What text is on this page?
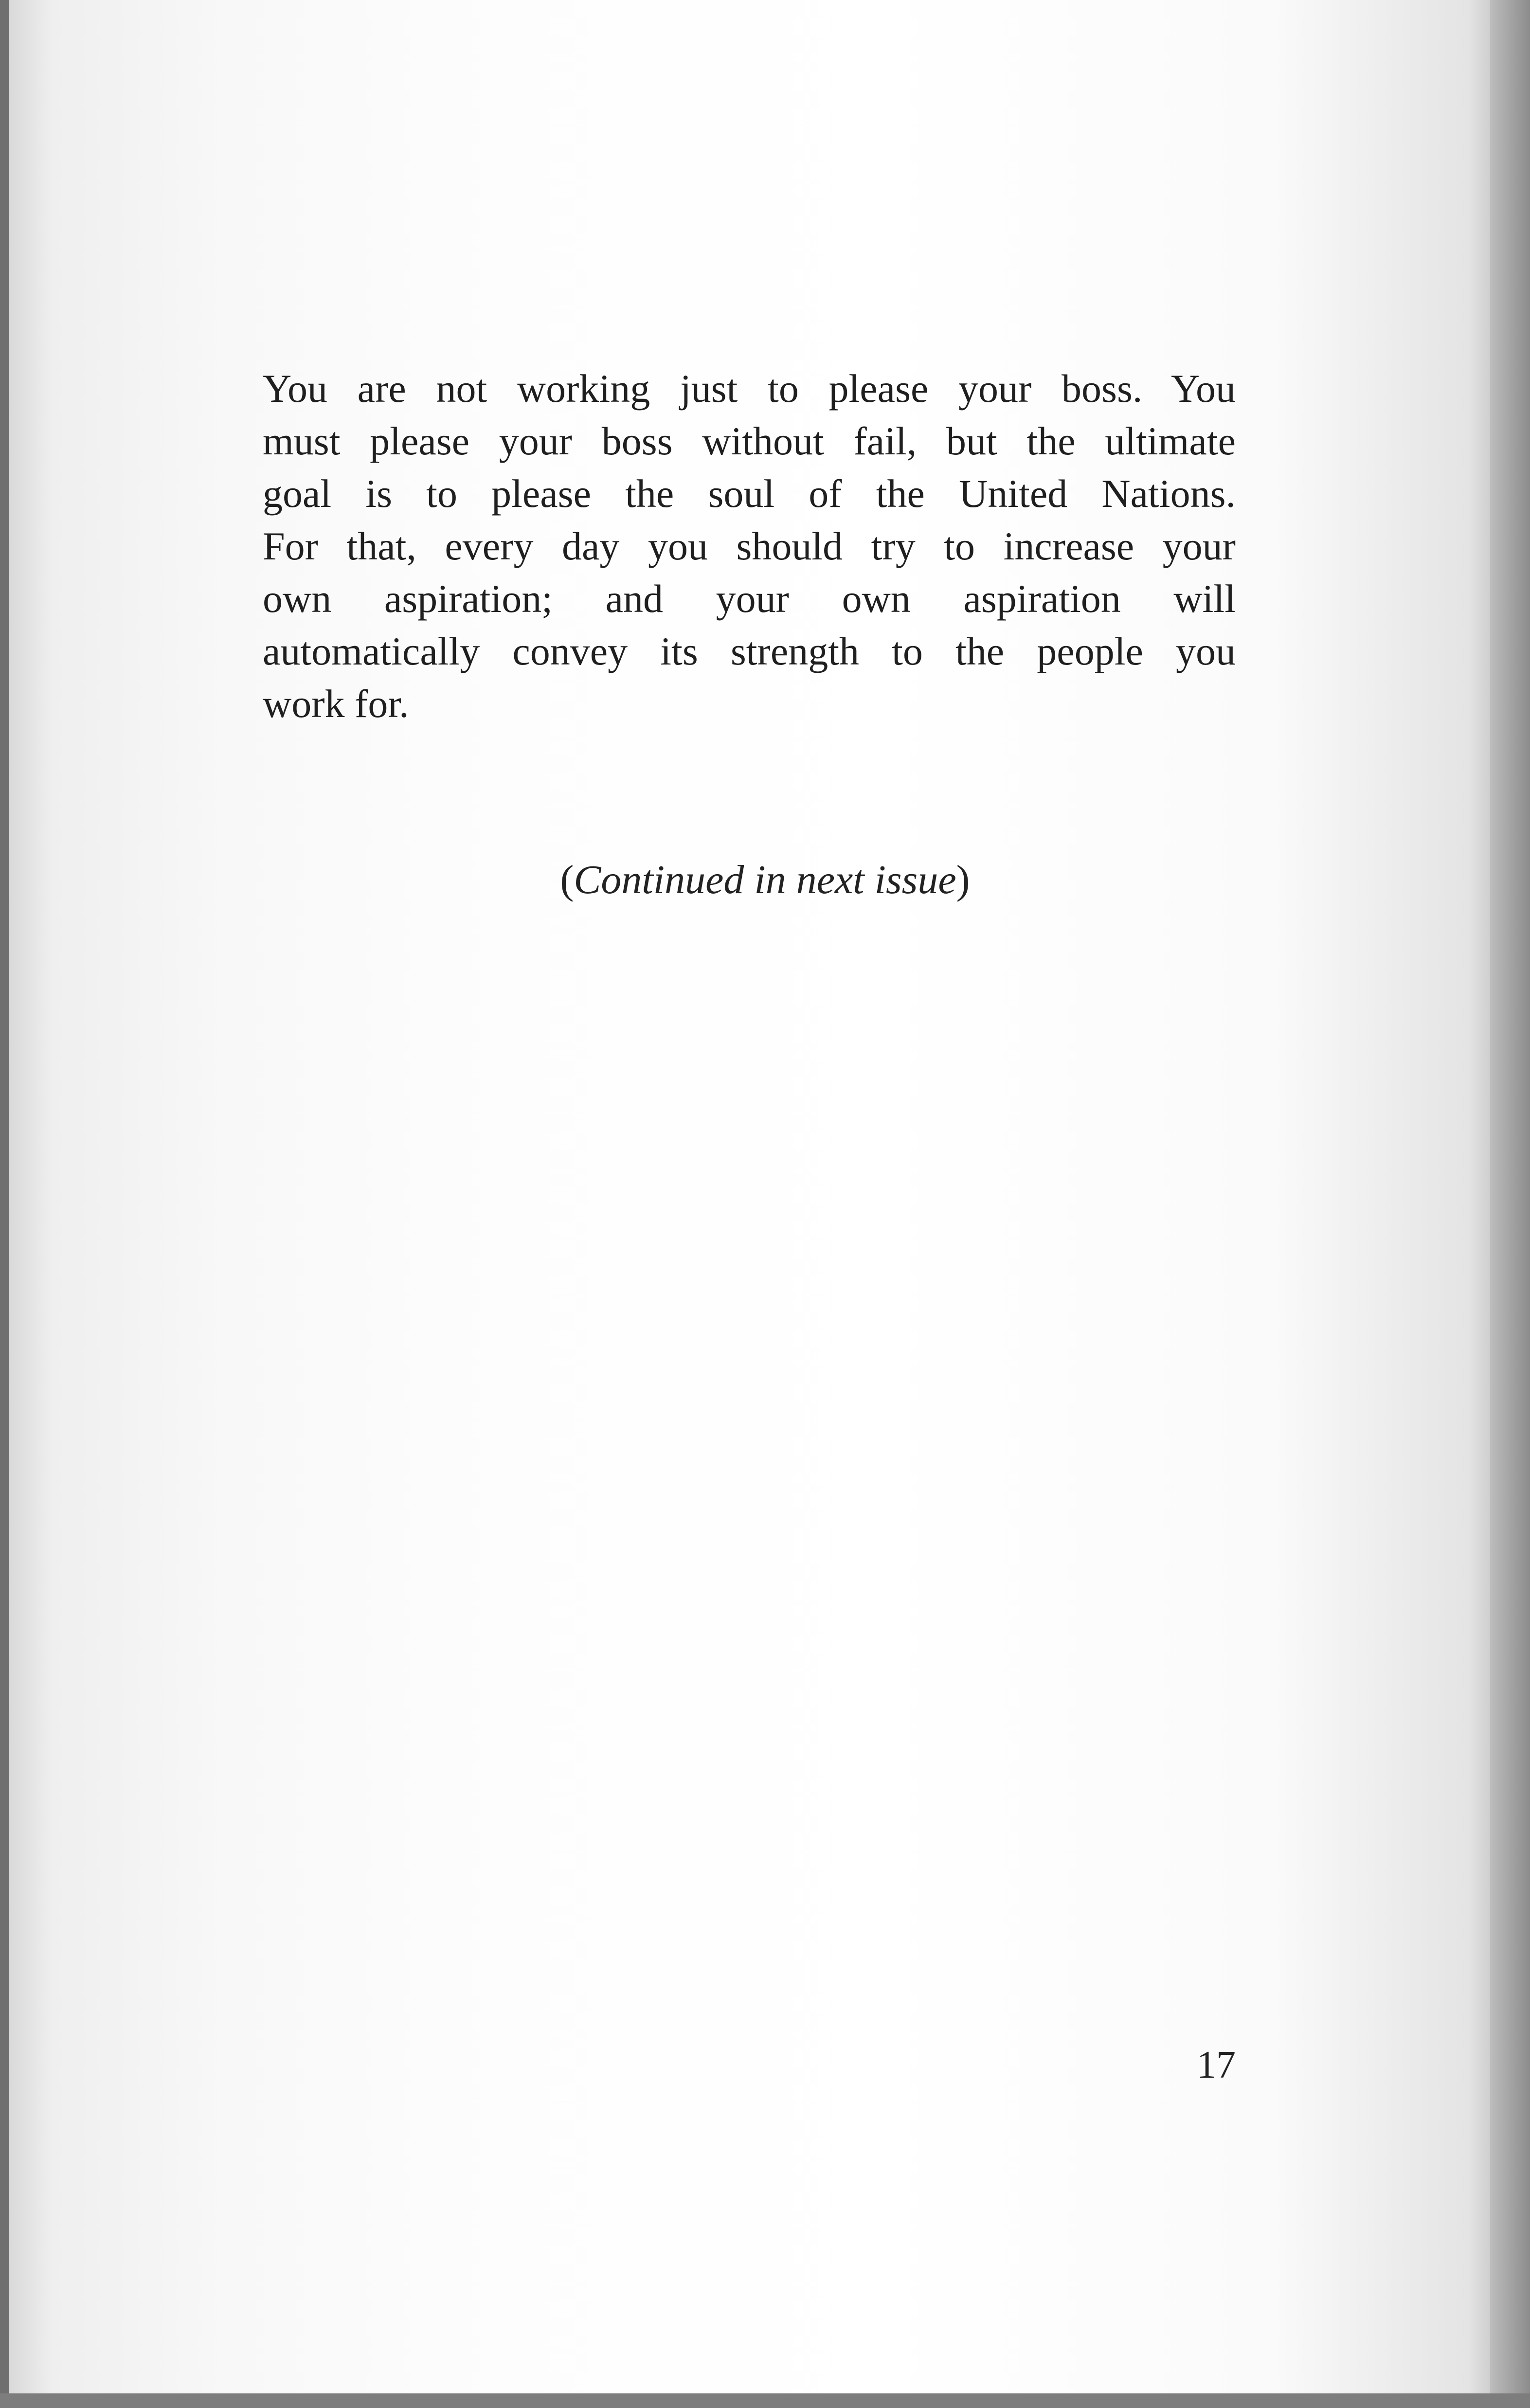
You are not working just to please your boss. You
must please your boss without fail, but the ultimate
goal is to please the soul of the United Nations.
For that, every day you should try to increase your
own aspiration; and your own aspiration will
automatically convey its strength to the people you
work for.
(Continued in next issue)
17
